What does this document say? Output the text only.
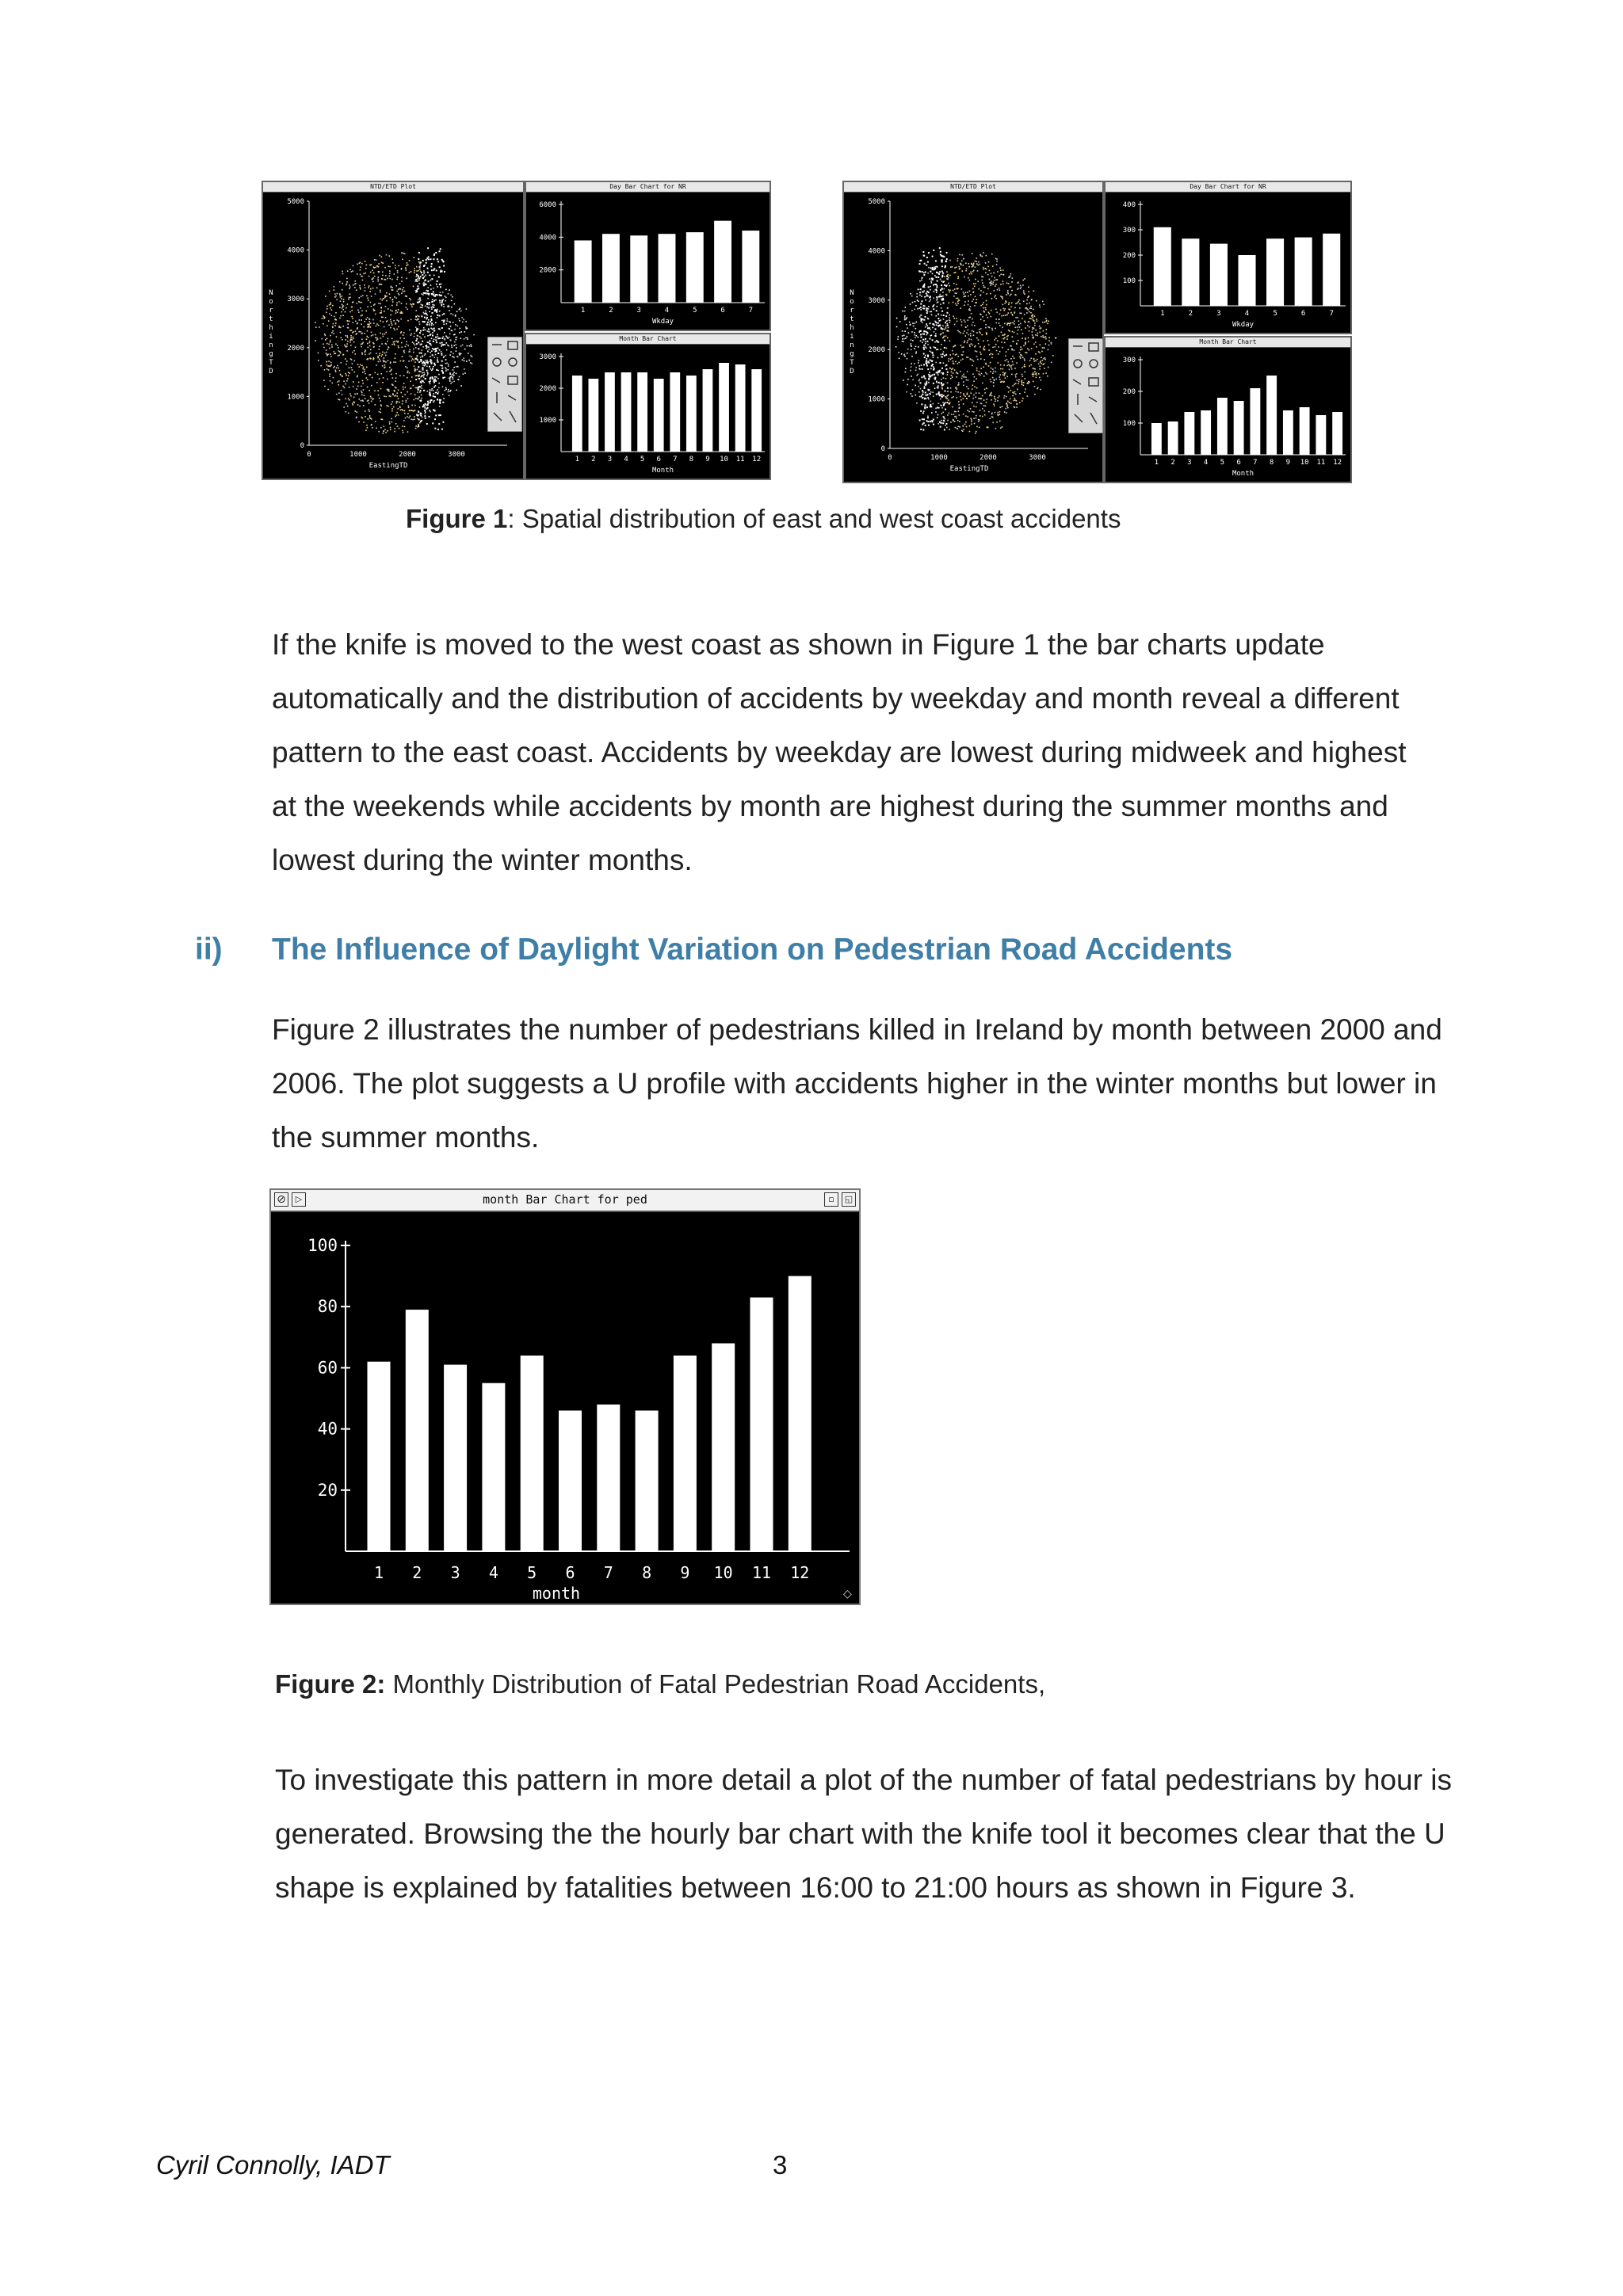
NTD/ETD Plot
5000
4000
3000
2000
1000
0
0	1000	2000	3000
EastingTD
N o r t h i n g T D
Day Bar Chart for NR
2000
4000
6000
1	2	3	4	5	6	7
Wkday
Month Bar Chart
1000
2000
3000
1 2 3 4 5 6 7 8 9 10 11 12
Month
NTD/ETD Plot
5000
4000
3000
2000
1000
0
0	1000	2000	3000
EastingTD
N o r t h i n g T D
Day Bar Chart for NR
100
200
300
400
1	2	3	4	5	6	7
Wkday
Month Bar Chart
100
200
300
1 2 3 4 5 6 7 8 9 10 11 12
Month
Figure 1: Spatial distribution of east and west coast accidents

If the knife is moved to the west coast as shown in Figure 1 the bar charts update automatically and the distribution of accidents by weekday and month reveal a different pattern to the east coast. Accidents by weekday are lowest during midweek and highest at the weekends while accidents by month are highest during the summer months and lowest during the winter months.

ii) The Influence of Daylight Variation on Pedestrian Road Accidents

Figure 2 illustrates the number of pedestrians killed in Ireland by month between 2000 and 2006. The plot suggests a U profile with accidents higher in the winter months but lower in the summer months.

⊘	▷	month Bar Chart for ped	▫	◱
20
40
60
80
100
1 2 3 4 5 6 7 8 9 10 11 12
month	◇
Figure 2: Monthly Distribution of Fatal Pedestrian Road Accidents,

To investigate this pattern in more detail a plot of the number of fatal pedestrians by hour is generated. Browsing the the hourly bar chart with the knife tool it becomes clear that the U shape is explained by fatalities between 16:00 to 21:00 hours as shown in Figure 3.

Cyril Connolly, IADT	3
